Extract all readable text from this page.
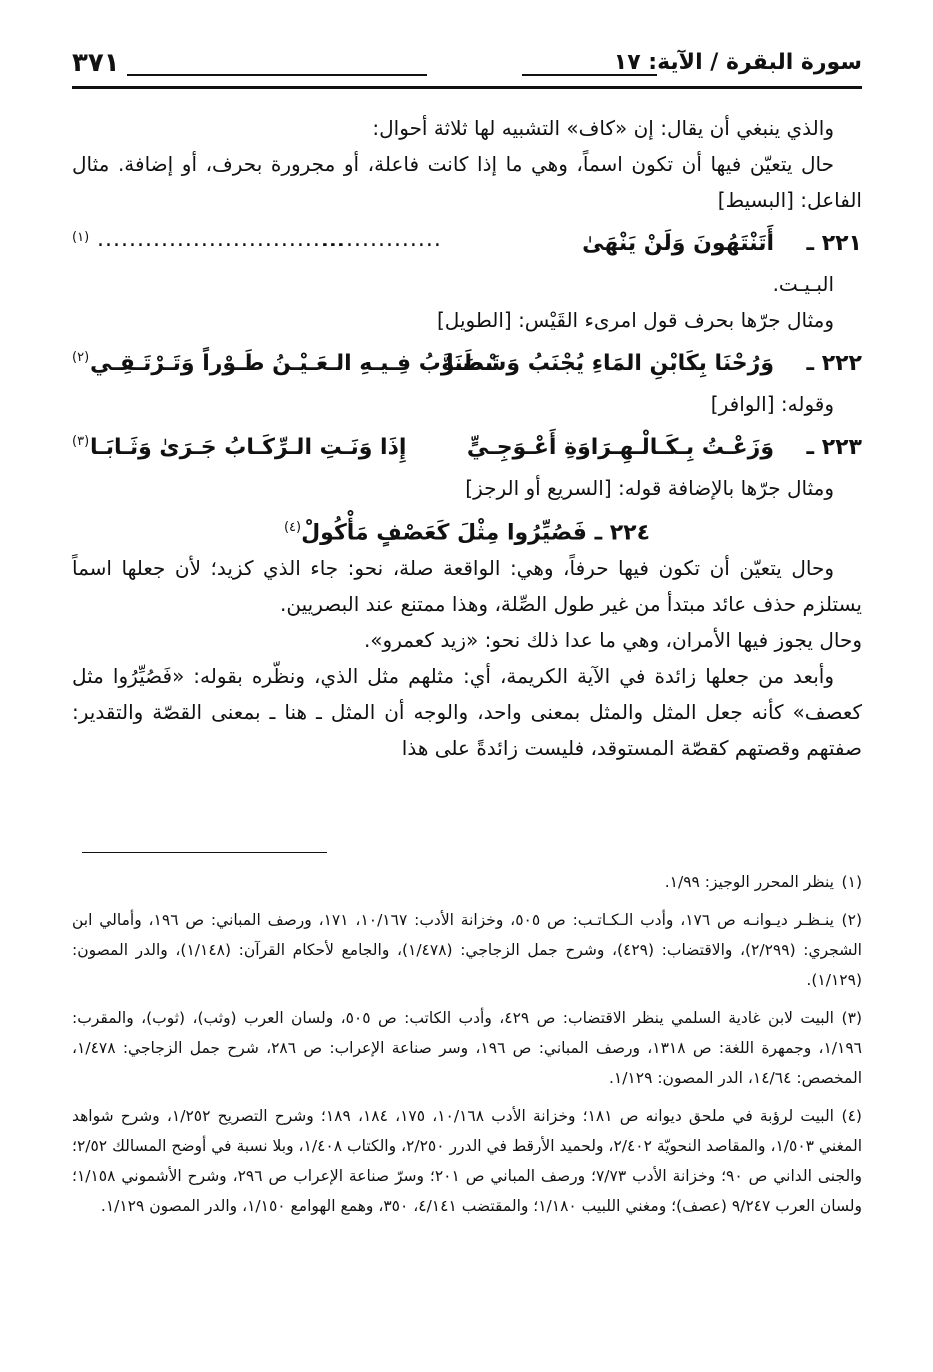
سورة البقرة / الآية: ١٧
٣٧١

والذي ينبغي أن يقال: إن «كاف» التشبيه لها ثلاثة أحوال:

حال يتعيّن فيها أن تكون اسماً، وهي ما إذا كانت فاعلة، أو مجرورة بحرف، أو إضافة. مثال الفاعل: [البسيط]

٢٢١ ـ
أَتَنْتَهُونَ وَلَنْ يَنْهَىٰ
...............
...............................
(١)

البـيـت.

ومثال جرّها بحرف قول امرىء القَيْس: [الطويل]

٢٢٢ ـ
وَرُحْنَا بِكَابْنِ المَاءِ يُجْنَبُ وَسْطَنَا
تَـصَـوَّبُ فِـيـهِ الـعَـيْـنُ طَـوْراً وَتَـرْتَـقِـي
(٢)

وقوله: [الوافر]

٢٢٣ ـ
وَزَعْـتُ بِـكَـالْـهِـرَاوَةِ أَعْـوَجِـيٍّ
إِذَا وَنَـتِ الـرِّكَـابُ جَـرَىٰ وَثَـابَـا
(٣)

ومثال جرّها بالإضافة قوله: [السريع أو الرجز]

٢٢٤ ـ فَصُيِّرُوا مِثْلَ كَعَصْفٍ مَأْكُولْ$^{(٤)}$

وحال يتعيّن أن تكون فيها حرفاً، وهي: الواقعة صلة، نحو: جاء الذي كزيد؛ لأن جعلها اسماً يستلزم حذف عائد مبتدأ من غير طول الصِّلة، وهذا ممتنع عند البصريين.

وحال يجوز فيها الأمران، وهي ما عدا ذلك نحو: «زيد كعمرو».

وأبعد من جعلها زائدة في الآية الكريمة، أي: مثلهم مثل الذي، ونظّره بقوله: «فَصُيِّرُوا مثل كعصف» كأنه جعل المثل والمثل بمعنى واحد، والوجه أن المثل ـ هنا ـ بمعنى القصّة والتقدير: صفتهم وقصتهم كقصّة المستوقد، فليست زائدةً على هذا

(١)ينظر المحرر الوجيز: ١/٩٩.

(٢)ينـظـر ديـوانـه ص ١٧٦، وأدب الـكـاتـب: ص ٥٠٥، وخزانة الأدب: ١٠/١٦٧، ١٧١، ورصف المباني: ص ١٩٦، وأمالي ابن الشجري: (٢/٢٩٩)، والاقتضاب: (٤٢٩)، وشرح جمل الزجاجي: (١/٤٧٨)، والجامع لأحكام القرآن: (١/١٤٨)، والدر المصون: (١/١٢٩).

(٣)البيت لابن غادية السلمي ينظر الاقتضاب: ص ٤٢٩، وأدب الكاتب: ص ٥٠٥، ولسان العرب (وثب)، (ثوب)، والمقرب: ١/١٩٦، وجمهرة اللغة: ص ١٣١٨، ورصف المباني: ص ١٩٦، وسر صناعة الإعراب: ص ٢٨٦، شرح جمل الزجاجي: ١/٤٧٨، المخصص: ١٤/٦٤، الدر المصون: ١/١٢٩.

(٤)البيت لرؤبة في ملحق ديوانه ص ١٨١؛ وخزانة الأدب ١٠/١٦٨، ١٧٥، ١٨٤، ١٨٩؛ وشرح التصريح ١/٢٥٢، وشرح شواهد المغني ١/٥٠٣، والمقاصد النحويّة ٢/٤٠٢، ولحميد الأرقط في الدرر ٢/٢٥٠، والكتاب ١/٤٠٨، وبلا نسبة في أوضح المسالك ٢/٥٢؛ والجنى الداني ص ٩٠؛ وخزانة الأدب ٧/٧٣؛ ورصف المباني ص ٢٠١؛ وسرّ صناعة الإعراب ص ٢٩٦، وشرح الأشموني ١/١٥٨؛ ولسان العرب ٩/٢٤٧ (عصف)؛ ومغني اللبيب ١/١٨٠؛ والمقتضب ٤/١٤١، ٣٥٠، وهمع الهوامع ١/١٥٠، والدر المصون ١/١٢٩.
